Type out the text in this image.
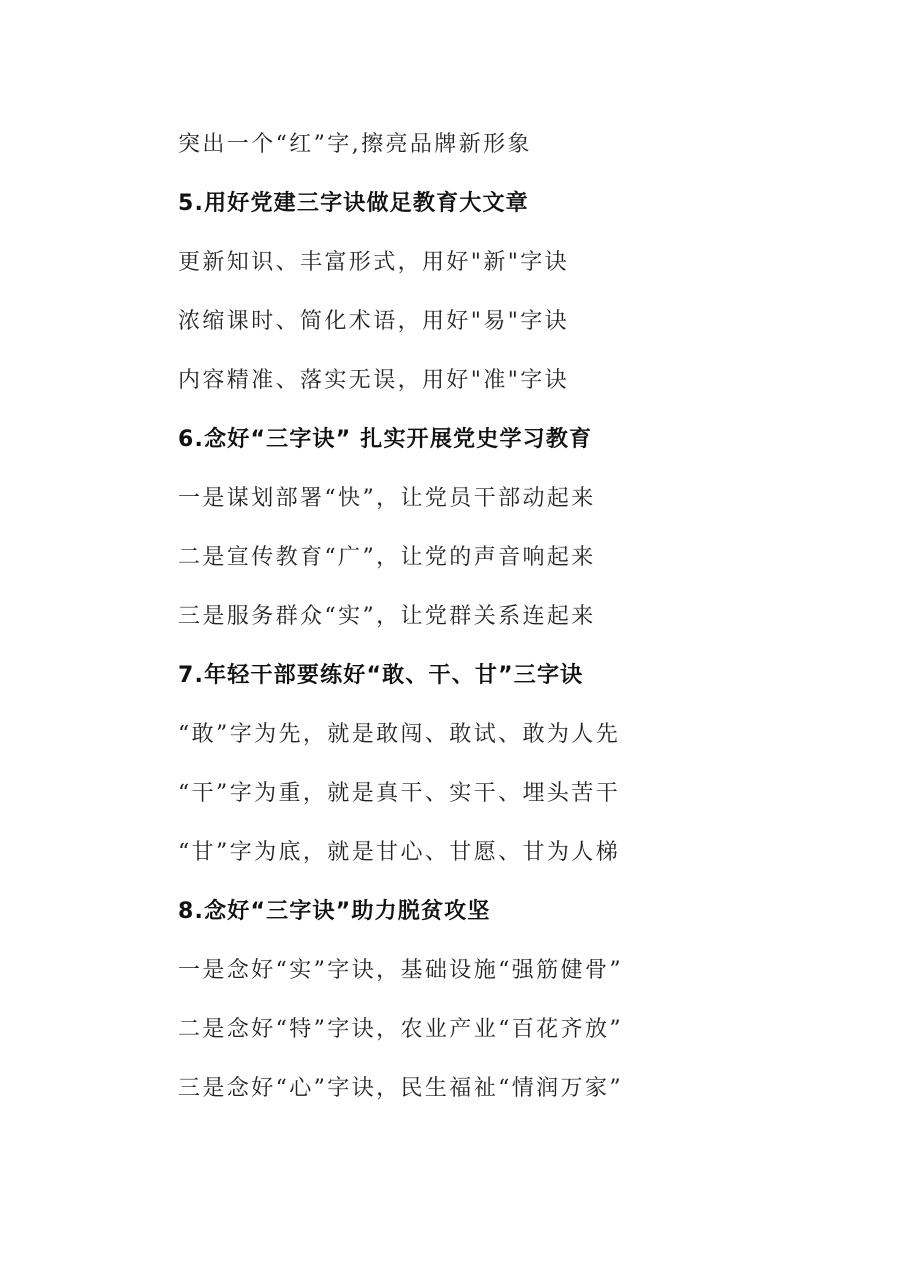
突出一个“红”字,擦亮品牌新形象
5.用好党建三字诀做足教育大文章
更新知识、丰富形式，用好"新"字诀
浓缩课时、简化术语，用好"易"字诀
内容精准、落实无误，用好"准"字诀
6.念好“三字诀” 扎实开展党史学习教育
一是谋划部署“快”，让党员干部动起来
二是宣传教育“广”，让党的声音响起来
三是服务群众“实”，让党群关系连起来
7.年轻干部要练好“敢、干、甘”三字诀
“敢”字为先，就是敢闯、敢试、敢为人先
“干”字为重，就是真干、实干、埋头苦干
“甘”字为底，就是甘心、甘愿、甘为人梯
8.念好“三字诀”助力脱贫攻坚
一是念好“实”字诀，基础设施“强筋健骨”
二是念好“特”字诀，农业产业“百花齐放”
三是念好“心”字诀，民生福祉“情润万家”
